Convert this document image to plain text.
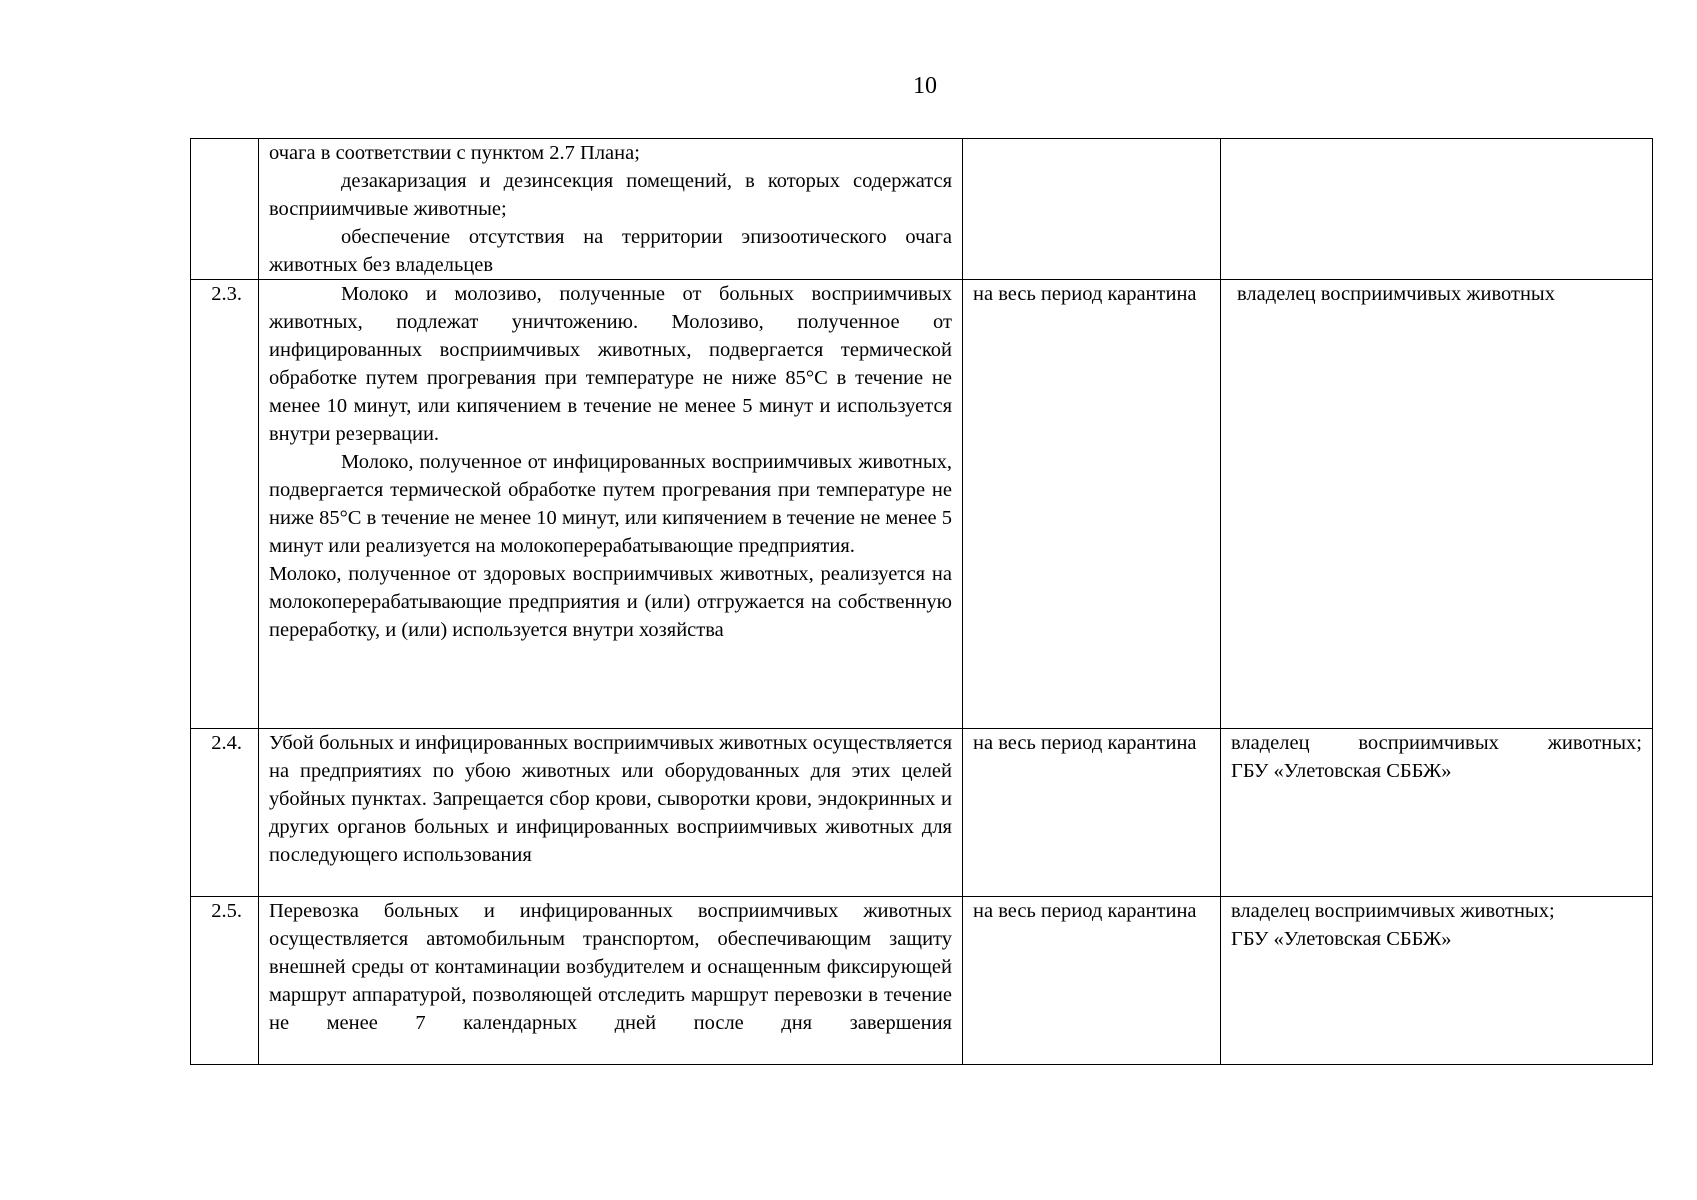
10

	очага в соответствии с пунктом 2.7 Плана;

дезакаризация и дезинсекция помещений, в которых содержатся восприимчивые животные;

обеспечение отсутствия на территории эпизоотического очага животных без владельцев		

2.3.	Молоко и молозиво, полученные от больных восприимчивых животных, подлежат уничтожению. Молозиво, полученное от инфицированных восприимчивых животных, подвергается термической обработке путем прогревания при температуре не ниже 85°С в течение не менее 10 минут, или кипячением в течение не менее 5 минут и используется внутри резервации.

Молоко, полученное от инфицированных восприимчивых животных, подвергается термической обработке путем прогревания при температуре не ниже 85°С в течение не менее 10 минут, или кипячением в течение не менее 5 минут или реализуется на молокоперерабатывающие предприятия.

Молоко, полученное от здоровых восприимчивых животных, реализуется на молокоперерабатывающие предприятия и (или) отгружается на собственную переработку, и (или) используется внутри хозяйства	на весь период карантина	владелец восприимчивых животных

2.4.	Убой больных и инфицированных восприимчивых животных осуществляется на предприятиях по убою животных или оборудованных для этих целей убойных пунктах. Запрещается сбор крови, сыворотки крови, эндокринных и других органов больных и инфицированных восприимчивых животных для последующего использования	на весь период карантина	владелец восприимчивых животных;

ГБУ «Улетовская СББЖ»

2.5.	Перевозка больных и инфицированных восприимчивых животных осуществляется автомобильным транспортом, обеспечивающим защиту внешней среды от контаминации возбудителем и оснащенным фиксирующей маршрут аппаратурой, позволяющей отследить маршрут перевозки в течение не менее 7 календарных дней после дня завершения	на весь период карантина	владелец восприимчивых животных;

ГБУ «Улетовская СББЖ»
